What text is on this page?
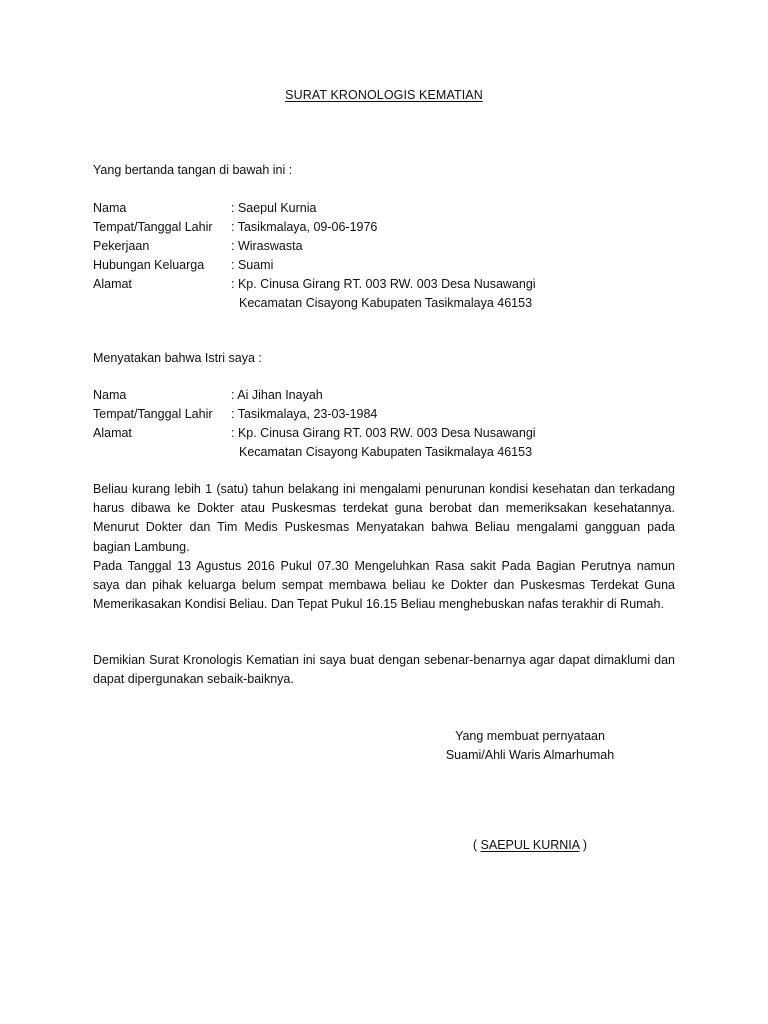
SURAT KRONOLOGIS KEMATIAN
Yang bertanda tangan di bawah ini :
Nama	: Saepul Kurnia
Tempat/Tanggal Lahir	: Tasikmalaya, 09-06-1976
Pekerjaan	: Wiraswasta
Hubungan Keluarga	: Suami
Alamat	: Kp. Cinusa Girang RT. 003 RW. 003 Desa Nusawangi
Kecamatan Cisayong Kabupaten Tasikmalaya 46153
Menyatakan bahwa Istri saya :
Nama	: Ai Jihan Inayah
Tempat/Tanggal Lahir	: Tasikmalaya, 23-03-1984
Alamat	: Kp. Cinusa Girang RT. 003 RW. 003 Desa Nusawangi
Kecamatan Cisayong Kabupaten Tasikmalaya 46153

Beliau kurang lebih 1 (satu) tahun belakang ini mengalami penurunan kondisi kesehatan dan terkadang harus dibawa ke Dokter atau Puskesmas terdekat guna berobat dan memeriksakan kesehatannya. Menurut Dokter dan Tim Medis Puskesmas Menyatakan bahwa Beliau mengalami gangguan pada bagian Lambung.

Pada Tanggal 13 Agustus 2016 Pukul 07.30 Mengeluhkan Rasa sakit Pada Bagian Perutnya namun saya dan pihak keluarga belum sempat membawa beliau ke Dokter dan Puskesmas Terdekat Guna Memerikasakan Kondisi Beliau. Dan Tepat Pukul 16.15 Beliau menghebuskan nafas terakhir di Rumah.

Demikian Surat Kronologis Kematian ini saya buat dengan sebenar-benarnya agar dapat dimaklumi dan dapat dipergunakan sebaik-baiknya.

Yang membuat pernyataan
Suami/Ahli Waris Almarhumah
( SAEPUL KURNIA )
